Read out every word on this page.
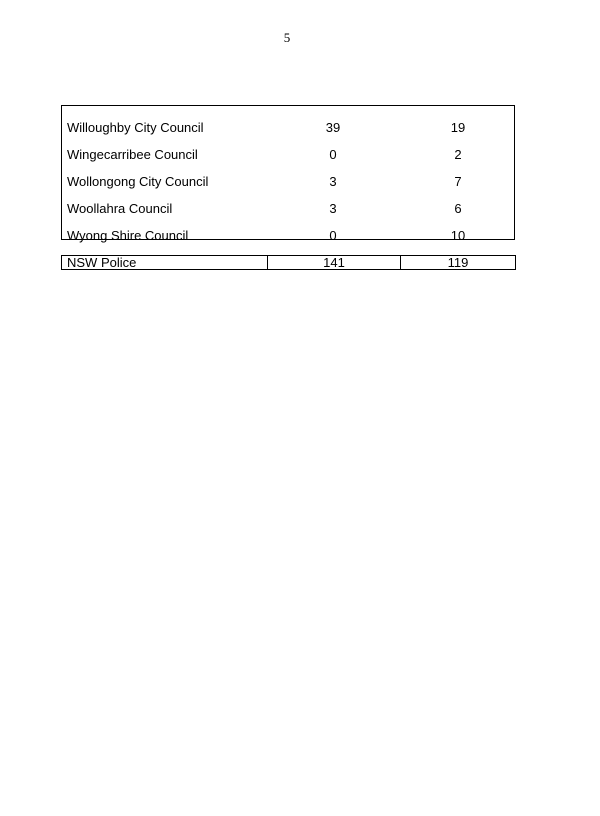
5
Willoughby City Council	39	19
Wingecarribee Council	0	2
Wollongong City Council	3	7
Woollahra Council	3	6
Wyong Shire Council	0	10
NSW Police	141	119
